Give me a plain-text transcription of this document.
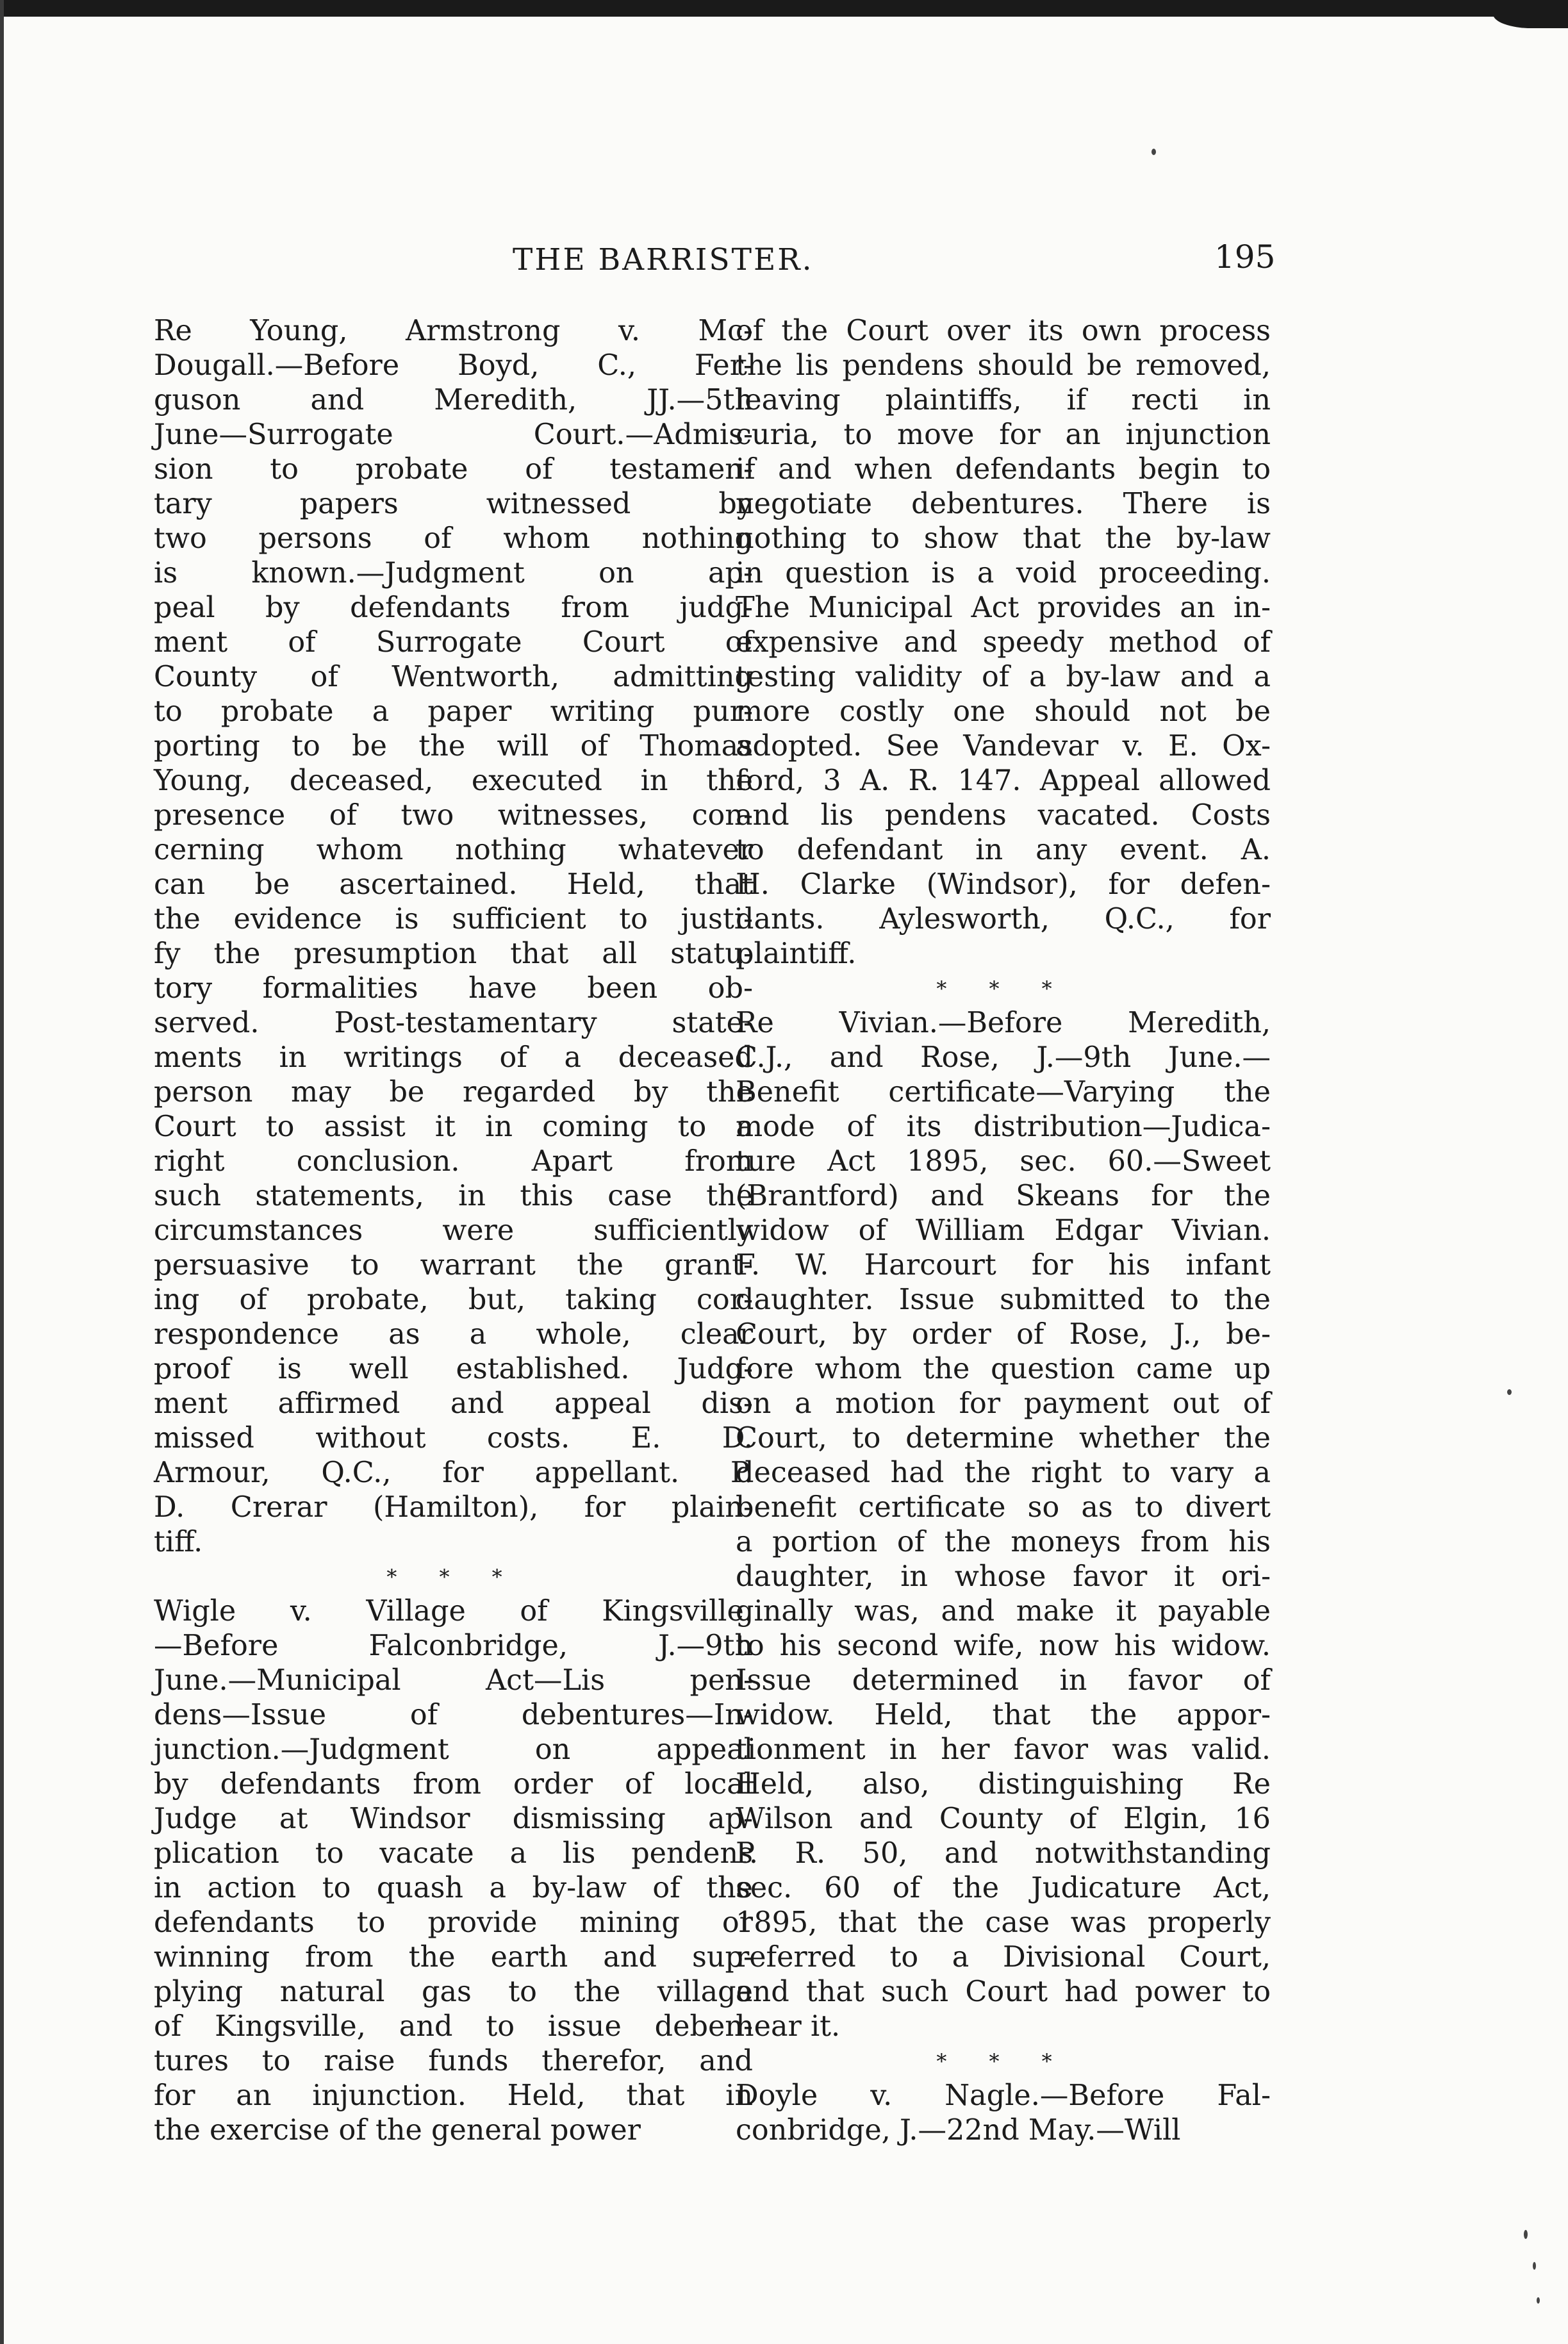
THE BARRISTER.	195
Re Young, Armstrong v. Mc-
Dougall.—Before Boyd, C., Fer-
guson and Meredith, JJ.—5th
June—Surrogate Court.—Admis-
sion to probate of testamen-
tary papers witnessed by
two persons of whom nothing
is known.—Judgment on ap-
peal by defendants from judg-
ment of Surrogate Court of
County of Wentworth, admitting
to probate a paper writing pur-
porting to be the will of Thomas
Young, deceased, executed in the
presence of two witnesses, con-
cerning whom nothing whatever
can be ascertained. Held, that
the evidence is sufficient to justi-
fy the presumption that all statu-
tory formalities have been ob-
served. Post-testamentary state-
ments in writings of a deceased
person may be regarded by the
Court to assist it in coming to a
right conclusion. Apart from
such statements, in this case the
circumstances were sufficiently
persuasive to warrant the grant-
ing of probate, but, taking cor-
respondence as a whole, clear
proof is well established. Judg-
ment affirmed and appeal dis-
missed without costs. E. D.
Armour, Q.C., for appellant. P.
D. Crerar (Hamilton), for plain-
tiff.
* * *
Wigle v. Village of Kingsville.
—Before Falconbridge, J.—9th
June.—Municipal Act—Lis pen-
dens—Issue of debentures—In-
junction.—Judgment on appeal
by defendants from order of local
Judge at Windsor dismissing ap-
plication to vacate a lis pendens
in action to quash a by-law of the
defendants to provide mining or
winning from the earth and sup-
plying natural gas to the village
of Kingsville, and to issue deben-
tures to raise funds therefor, and
for an injunction. Held, that in
the exercise of the general power
of the Court over its own process
the lis pendens should be removed,
leaving plaintiffs, if recti in
curia, to move for an injunction
if and when defendants begin to
negotiate debentures. There is
nothing to show that the by-law
in question is a void proceeding.
The Municipal Act provides an in-
expensive and speedy method of
testing validity of a by-law and a
more costly one should not be
adopted. See Vandevar v. E. Ox-
ford, 3 A. R. 147. Appeal allowed
and lis pendens vacated. Costs
to defendant in any event. A.
H. Clarke (Windsor), for defen-
dants. Aylesworth, Q.C., for
plaintiff.
* * *
Re Vivian.—Before Meredith,
C.J., and Rose, J.—9th June.—
Benefit certificate—Varying the
mode of its distribution—Judica-
ture Act 1895, sec. 60.—Sweet
(Brantford) and Skeans for the
widow of William Edgar Vivian.
F. W. Harcourt for his infant
daughter. Issue submitted to the
Court, by order of Rose, J., be-
fore whom the question came up
on a motion for payment out of
Court, to determine whether the
deceased had the right to vary a
benefit certificate so as to divert
a portion of the moneys from his
daughter, in whose favor it ori-
ginally was, and make it payable
to his second wife, now his widow.
Issue determined in favor of
widow. Held, that the appor-
tionment in her favor was valid.
Held, also, distinguishing Re
Wilson and County of Elgin, 16
P. R. 50, and notwithstanding
sec. 60 of the Judicature Act,
1895, that the case was properly
referred to a Divisional Court,
and that such Court had power to
hear it.
* * *
Doyle v. Nagle.—Before Fal-
conbridge, J.—22nd May.—Will
